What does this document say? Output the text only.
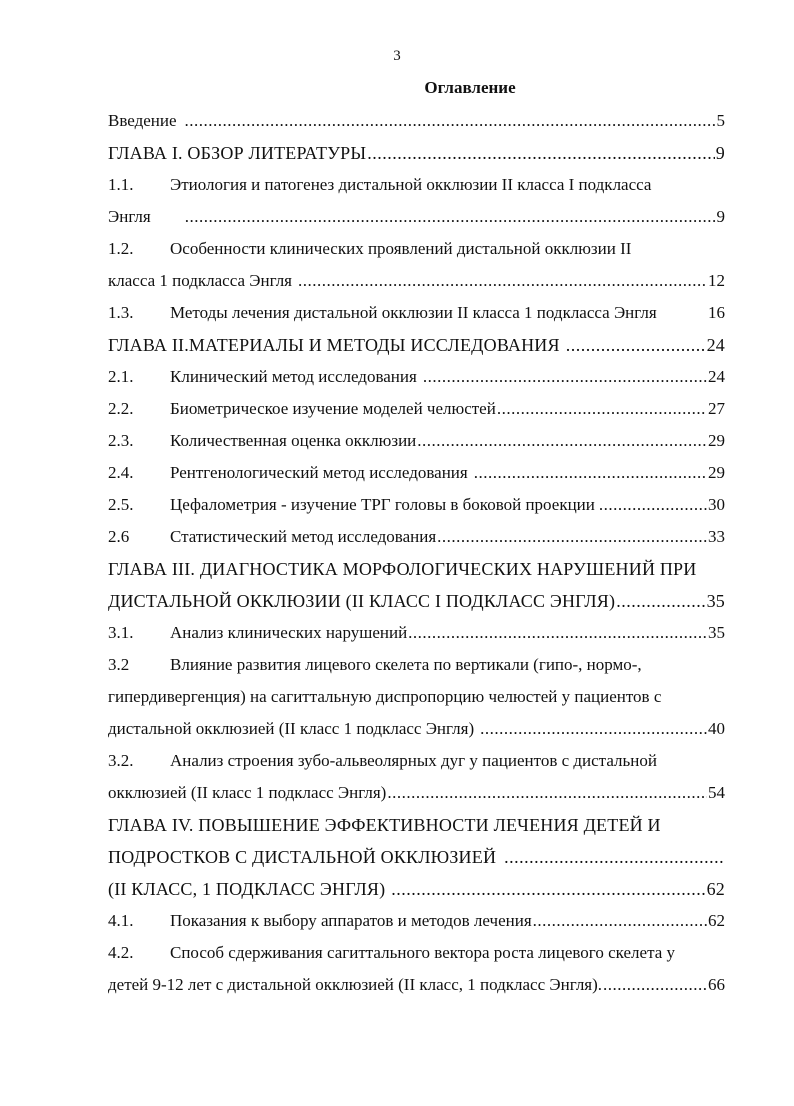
3
Оглавление
Введение .....	5
ГЛАВА I. ОБЗОР ЛИТЕРАТУРЫ .....	9
1.1.	Этиология и патогенез дистальной окклюзии II класса I подкласса
Энгля .....	9
1.2.	Особенности клинических проявлений дистальной окклюзии II
класса 1 подкласса Энгля .....	12
1.3.	Методы лечения дистальной окклюзии II класса 1 подкласса Энгля	16
ГЛАВА II.МАТЕРИАЛЫ И МЕТОДЫ ИССЛЕДОВАНИЯ .....	24
2.1.	Клинический метод исследования .....	24
2.2.	Биометрическое изучение моделей челюстей .....	27
2.3.	Количественная оценка окклюзии .....	29
2.4.	Рентгенологический метод исследования .....	29
2.5.	Цефалометрия - изучение ТРГ головы в боковой проекции .....	30
2.6	Статистический метод исследования .....	33
ГЛАВА III. ДИАГНОСТИКА МОРФОЛОГИЧЕСКИХ НАРУШЕНИЙ ПРИ
ДИСТАЛЬНОЙ ОККЛЮЗИИ (II КЛАСС I ПОДКЛАСС ЭНГЛЯ) .....	35
3.1.	Анализ клинических нарушений .....	35
3.2	Влияние развития лицевого скелета по вертикали (гипо-, нормо-,
гипердивергенция) на сагиттальную диспропорцию челюстей у пациентов с
дистальной окклюзией (II класс 1 подкласс Энгля) .....	40
3.2.	Анализ строения зубо-альвеолярных дуг у пациентов с дистальной
окклюзией (II класс 1 подкласс Энгля) .....	54
ГЛАВА IV. ПОВЫШЕНИЕ ЭФФЕКТИВНОСТИ ЛЕЧЕНИЯ ДЕТЕЙ И
ПОДРОСТКОВ С ДИСТАЛЬНОЙ ОККЛЮЗИЕЙ
.....
(II КЛАСС, 1 ПОДКЛАСС ЭНГЛЯ) .....	62
4.1.	Показания к выбору аппаратов и методов лечения .....	62
4.2.	Способ сдерживания сагиттального вектора роста лицевого скелета у
детей 9-12 лет с дистальной окклюзией (II класс, 1 подкласс Энгля). .....	66
